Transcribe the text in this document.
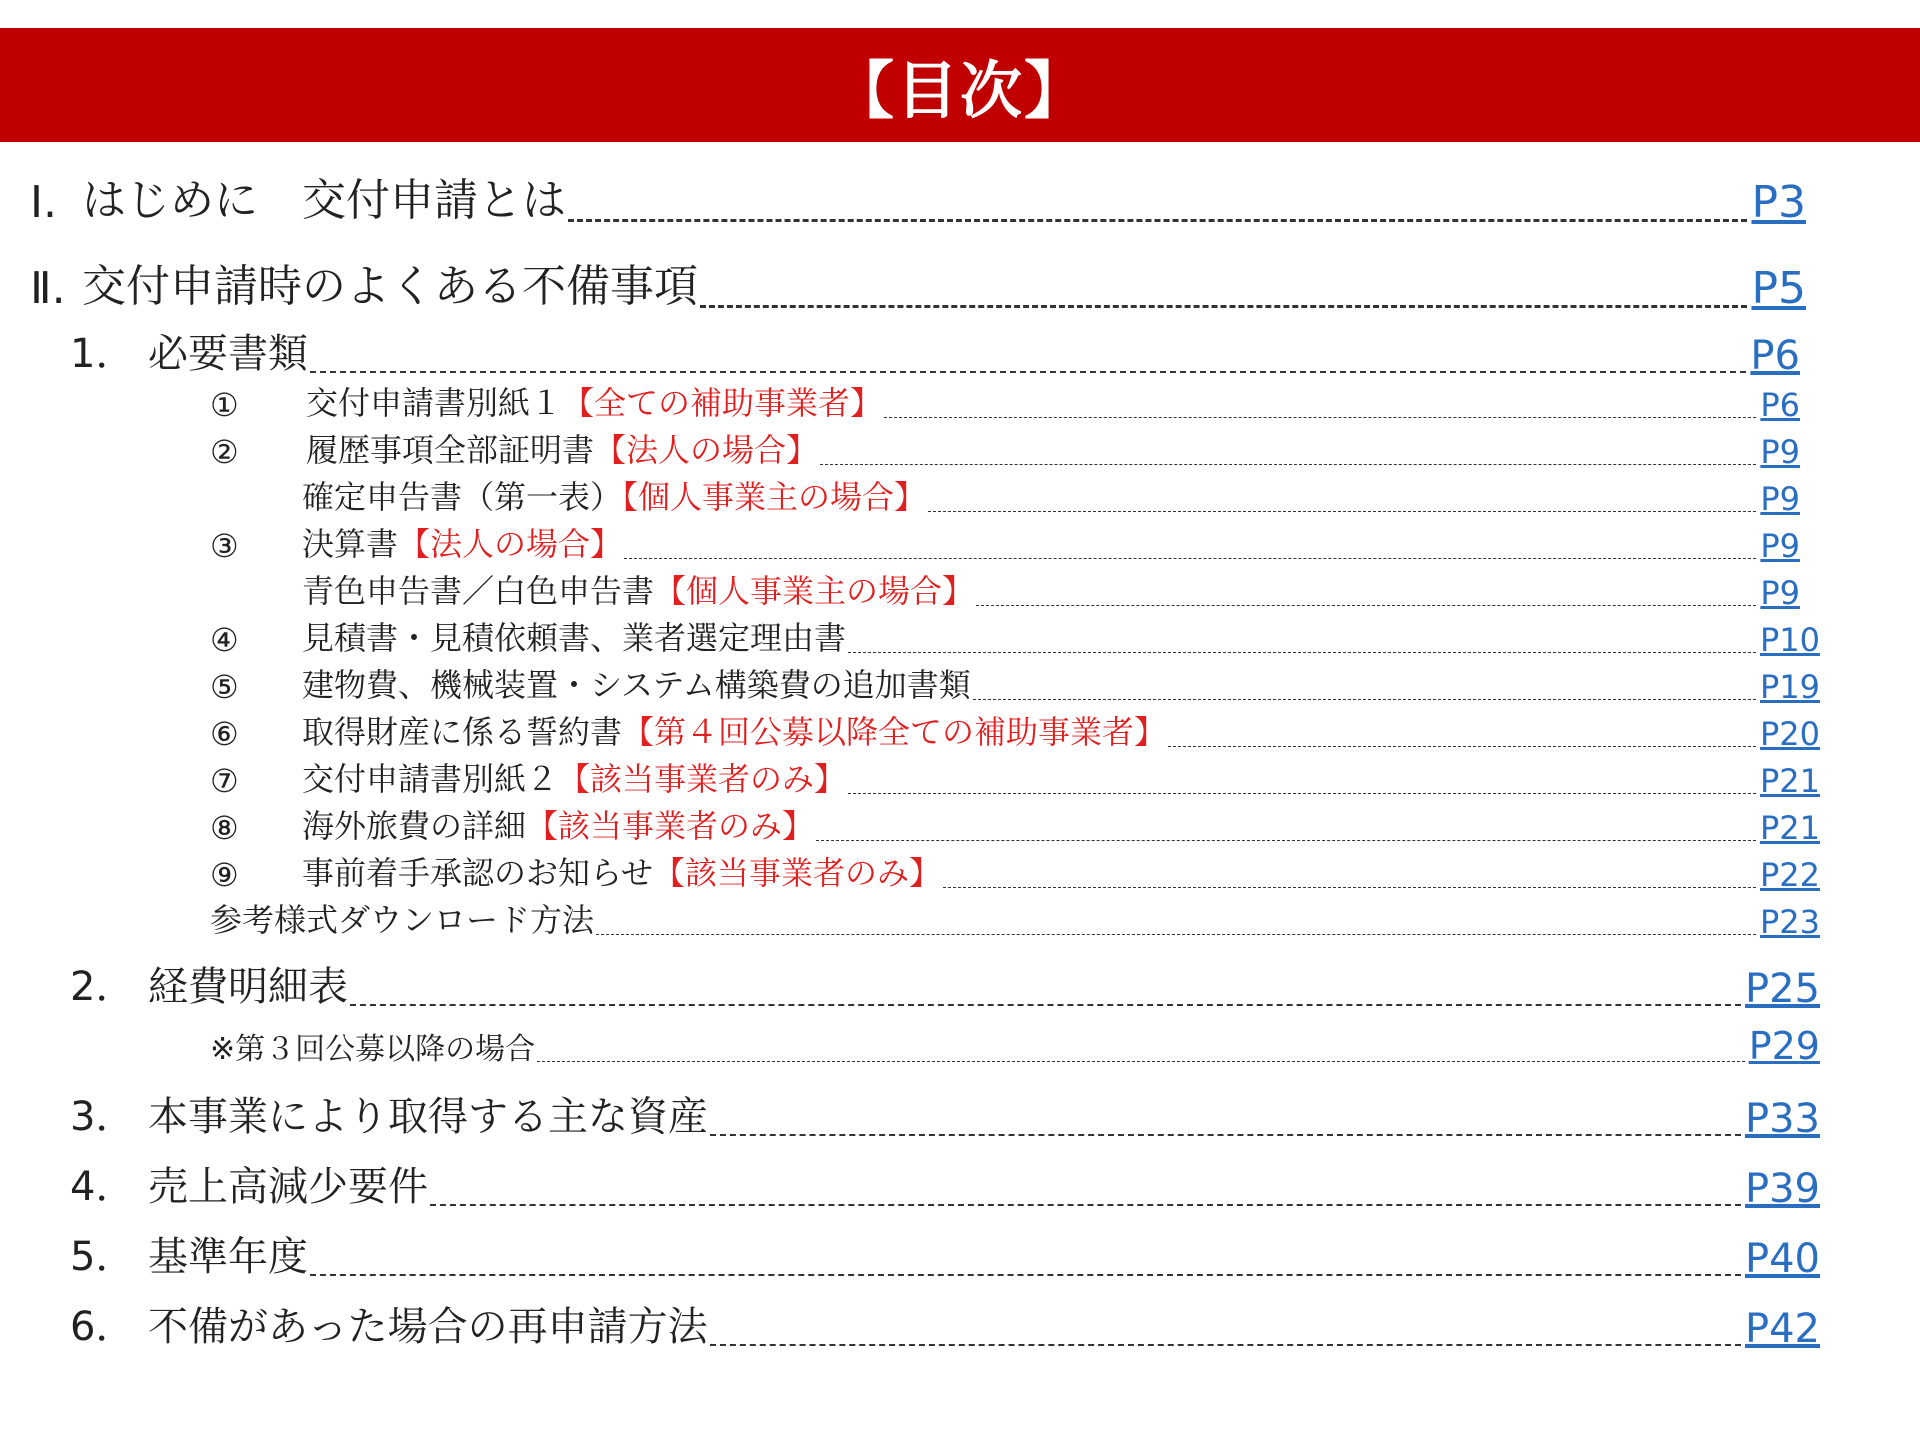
【目次】
Ⅰ. はじめに　交付申請とは	P3
Ⅱ. 交付申請時のよくある不備事項	P5
1． 必要書類	P6
①	交付申請書別紙１【全ての補助事業者】	P6
②	履歴事項全部証明書【法人の場合】	P9
確定申告書（第一表）【個人事業主の場合】	P9
③	決算書【法人の場合】	P9
青色申告書／白色申告書【個人事業主の場合】	P9
④	見積書・見積依頼書、業者選定理由書	P10
⑤	建物費、機械装置・システム構築費の追加書類	P19
⑥	取得財産に係る誓約書【第４回公募以降全ての補助事業者】	P20
⑦	交付申請書別紙２【該当事業者のみ】	P21
⑧	海外旅費の詳細【該当事業者のみ】	P21
⑨	事前着手承認のお知らせ【該当事業者のみ】	P22
参考様式ダウンロード方法	P23
2． 経費明細表	P25
※第３回公募以降の場合	P29
3． 本事業により取得する主な資産	P33
4． 売上高減少要件	P39
5． 基準年度	P40
6． 不備があった場合の再申請方法	P42
